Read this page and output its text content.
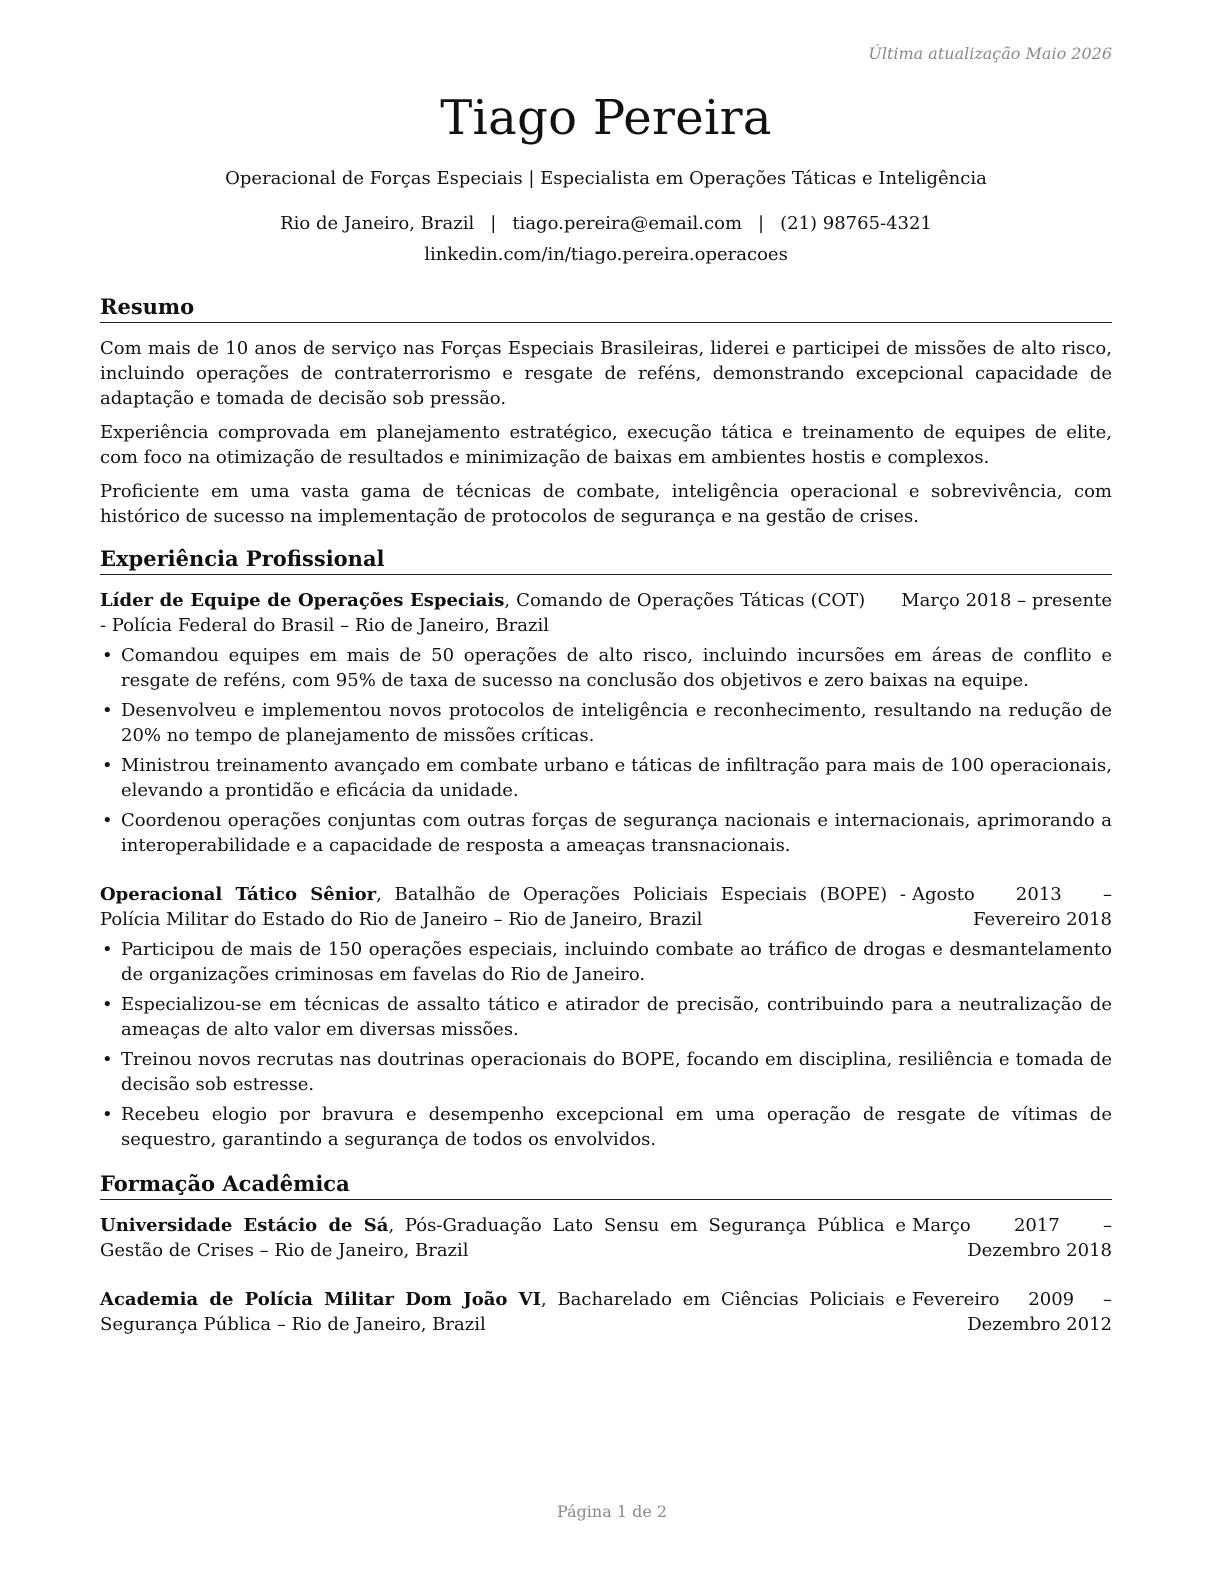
Última atualização Maio 2026
Tiago Pereira
Operacional de Forças Especiais | Especialista em Operações Táticas e Inteligência
Rio de Janeiro, Brazil | tiago.pereira@email.com | (21) 98765-4321
linkedin.com/in/tiago.pereira.operacoes
Resumo

Com mais de 10 anos de serviço nas Forças Especiais Brasileiras, liderei e participei de missões de alto risco, incluindo operações de contraterrorismo e resgate de reféns, demonstrando excepcional capacidade de adaptação e tomada de decisão sob pressão.

Experiência comprovada em planejamento estratégico, execução tática e treinamento de equipes de elite, com foco na otimização de resultados e minimização de baixas em ambientes hostis e complexos.

Proficiente em uma vasta gama de técnicas de combate, inteligência operacional e sobrevivência, com histórico de sucesso na implementação de protocolos de segurança e na gestão de crises.

Experiência Profissional
Líder de Equipe de Operações Especiais, Comando de Operações Táticas (COT) - Polícia Federal do Brasil – Rio de Janeiro, Brazil
Março 2018 – presente
• Comandou equipes em mais de 50 operações de alto risco, incluindo incursões em áreas de conflito e resgate de reféns, com 95% de taxa de sucesso na conclusão dos objetivos e zero baixas na equipe.
• Desenvolveu e implementou novos protocolos de inteligência e reconhecimento, resultando na redução de 20% no tempo de planejamento de missões críticas.
• Ministrou treinamento avançado em combate urbano e táticas de infiltração para mais de 100 operacionais, elevando a prontidão e eficácia da unidade.
• Coordenou operações conjuntas com outras forças de segurança nacionais e internacionais, aprimorando a interoperabilidade e a capacidade de resposta a ameaças transnacionais.
Operacional Tático Sênior, Batalhão de Operações Policiais Especiais (BOPE) - Polícia Militar do Estado do Rio de Janeiro – Rio de Janeiro, Brazil
Agosto 2013 – Fevereiro 2018
• Participou de mais de 150 operações especiais, incluindo combate ao tráfico de drogas e desmantelamento de organizações criminosas em favelas do Rio de Janeiro.
• Especializou-se em técnicas de assalto tático e atirador de precisão, contribuindo para a neutralização de ameaças de alto valor em diversas missões.
• Treinou novos recrutas nas doutrinas operacionais do BOPE, focando em disciplina, resiliência e tomada de decisão sob estresse.
• Recebeu elogio por bravura e desempenho excepcional em uma operação de resgate de vítimas de sequestro, garantindo a segurança de todos os envolvidos.
Formação Acadêmica
Universidade Estácio de Sá, Pós-Graduação Lato Sensu em Segurança Pública e Gestão de Crises – Rio de Janeiro, Brazil
Março 2017 – Dezembro 2018
Academia de Polícia Militar Dom João VI, Bacharelado em Ciências Policiais e Segurança Pública – Rio de Janeiro, Brazil
Fevereiro 2009 – Dezembro 2012
Página 1 de 2
